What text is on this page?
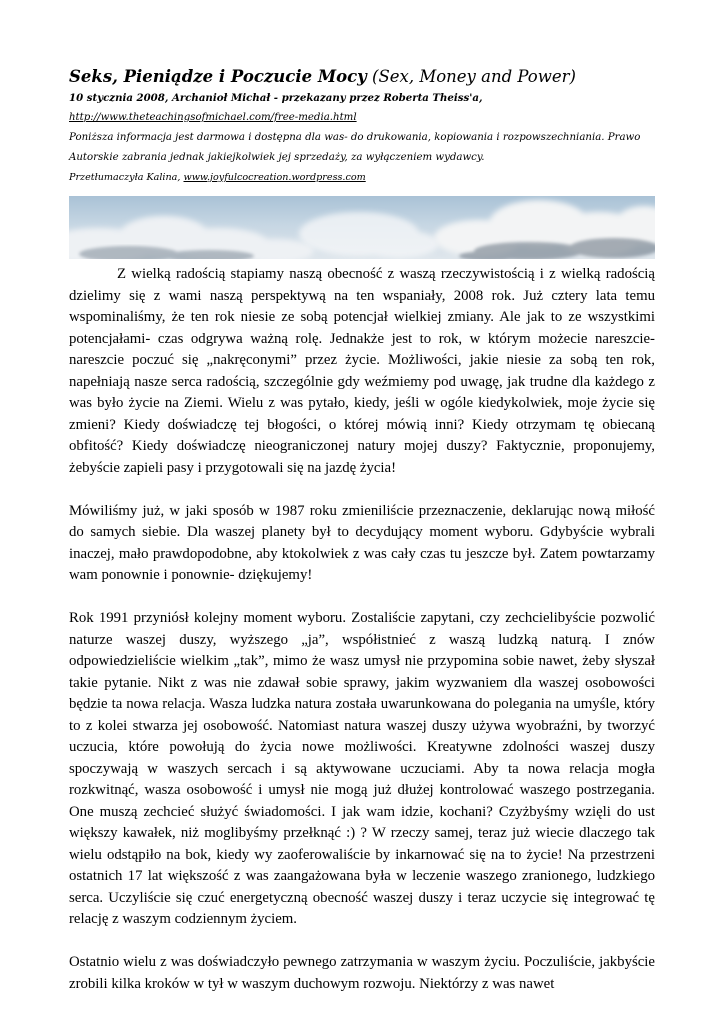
Seks, Pieniądze i Poczucie Mocy (Sex, Money and Power)
10 stycznia 2008, Archanioł Michał - przekazany przez Roberta Theiss'a,
http://www.theteachingsofmichael.com/free-media.html
Poniższa informacja jest darmowa i dostępna dla was- do drukowania, kopiowania i rozpowszechniania. Prawo
Autorskie zabrania jednak jakiejkolwiek jej sprzedaży, za wyłączeniem wydawcy.
Przetłumaczyła Kalina, www.joyfulcocreation.wordpress.com

Z wielką radością stapiamy naszą obecność z waszą rzeczywistością i z wielką radością dzielimy się z wami naszą perspektywą na ten wspaniały, 2008 rok. Już cztery lata temu wspominaliśmy, że ten rok niesie ze sobą potencjał wielkiej zmiany. Ale jak to ze wszystkimi potencjałami- czas odgrywa ważną rolę. Jednakże jest to rok, w którym możecie nareszcie- nareszcie poczuć się „nakręconymi” przez życie. Możliwości, jakie niesie za sobą ten rok, napełniają nasze serca radością, szczególnie gdy weźmiemy pod uwagę, jak trudne dla każdego z was było życie na Ziemi. Wielu z was pytało, kiedy, jeśli w ogóle kiedykolwiek, moje życie się zmieni? Kiedy doświadczę tej błogości, o której mówią inni? Kiedy otrzymam tę obiecaną obfitość? Kiedy doświadczę nieograniczonej natury mojej duszy? Faktycznie, proponujemy, żebyście zapieli pasy i przygotowali się na jazdę życia!

Mówiliśmy już, w jaki sposób w 1987 roku zmieniliście przeznaczenie, deklarując nową miłość do samych siebie. Dla waszej planety był to decydujący moment wyboru. Gdybyście wybrali inaczej, mało prawdopodobne, aby ktokolwiek z was cały czas tu jeszcze był. Zatem powtarzamy wam ponownie i ponownie- dziękujemy!

Rok 1991 przyniósł kolejny moment wyboru. Zostaliście zapytani, czy zechcielibyście pozwolić naturze waszej duszy, wyższego „ja”, współistnieć z waszą ludzką naturą. I znów odpowiedzieliście wielkim „tak”, mimo że wasz umysł nie przypomina sobie nawet, żeby słyszał takie pytanie. Nikt z was nie zdawał sobie sprawy, jakim wyzwaniem dla waszej osobowości będzie ta nowa relacja. Wasza ludzka natura została uwarunkowana do polegania na umyśle, który to z kolei stwarza jej osobowość. Natomiast natura waszej duszy używa wyobraźni, by tworzyć uczucia, które powołują do życia nowe możliwości. Kreatywne zdolności waszej duszy spoczywają w waszych sercach i są aktywowane uczuciami. Aby ta nowa relacja mogła rozkwitnąć, wasza osobowość i umysł nie mogą już dłużej kontrolować waszego postrzegania. One muszą zechcieć służyć świadomości. I jak wam idzie, kochani? Czyżbyśmy wzięli do ust większy kawałek, niż moglibyśmy przełknąć :) ? W rzeczy samej, teraz już wiecie dlaczego tak wielu odstąpiło na bok, kiedy wy zaoferowaliście by inkarnować się na to życie! Na przestrzeni ostatnich 17 lat większość z was zaangażowana była w leczenie waszego zranionego, ludzkiego serca. Uczyliście się czuć energetyczną obecność waszej duszy i teraz uczycie się integrować tę relację z waszym codziennym życiem.

Ostatnio wielu z was doświadczyło pewnego zatrzymania w waszym życiu. Poczuliście, jakbyście zrobili kilka kroków w tył w waszym duchowym rozwoju. Niektórzy z was nawet
